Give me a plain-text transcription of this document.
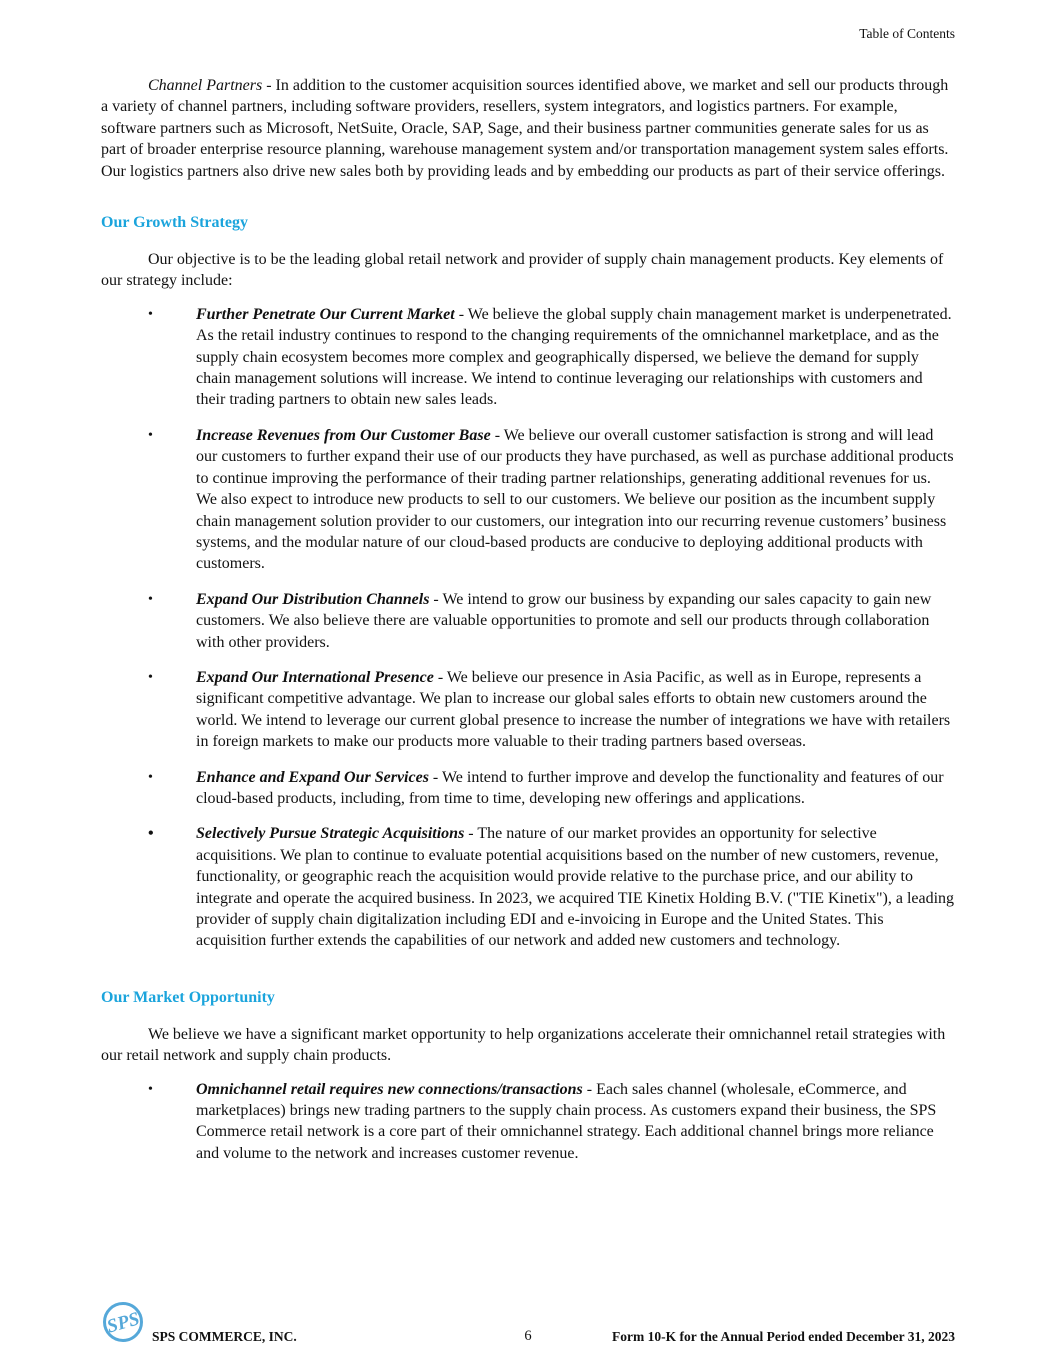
Table of Contents

Channel Partners - In addition to the customer acquisition sources identified above, we market and sell our products through a variety of channel partners, including software providers, resellers, system integrators, and logistics partners. For example, software partners such as Microsoft, NetSuite, Oracle, SAP, Sage, and their business partner communities generate sales for us as part of broader enterprise resource planning, warehouse management system and/or transportation management system sales efforts. Our logistics partners also drive new sales both by providing leads and by embedding our products as part of their service offerings.

Our Growth Strategy

Our objective is to be the leading global retail network and provider of supply chain management products. Key elements of our strategy include:

•	Further Penetrate Our Current Market - We believe the global supply chain management market is underpenetrated. As the retail industry continues to respond to the changing requirements of the omnichannel marketplace, and as the supply chain ecosystem becomes more complex and geographically dispersed, we believe the demand for supply chain management solutions will increase. We intend to continue leveraging our relationships with customers and their trading partners to obtain new sales leads.
•	Increase Revenues from Our Customer Base - We believe our overall customer satisfaction is strong and will lead our customers to further expand their use of our products they have purchased, as well as purchase additional products to continue improving the performance of their trading partner relationships, generating additional revenues for us. We also expect to introduce new products to sell to our customers. We believe our position as the incumbent supply chain management solution provider to our customers, our integration into our recurring revenue customers’ business systems, and the modular nature of our cloud-based products are conducive to deploying additional products with customers.
•	Expand Our Distribution Channels - We intend to grow our business by expanding our sales capacity to gain new customers. We also believe there are valuable opportunities to promote and sell our products through collaboration with other providers.
•	Expand Our International Presence - We believe our presence in Asia Pacific, as well as in Europe, represents a significant competitive advantage. We plan to increase our global sales efforts to obtain new customers around the world. We intend to leverage our current global presence to increase the number of integrations we have with retailers in foreign markets to make our products more valuable to their trading partners based overseas.
•	Enhance and Expand Our Services - We intend to further improve and develop the functionality and features of our cloud-based products, including, from time to time, developing new offerings and applications.
•	Selectively Pursue Strategic Acquisitions - The nature of our market provides an opportunity for selective acquisitions. We plan to continue to evaluate potential acquisitions based on the number of new customers, revenue, functionality, or geographic reach the acquisition would provide relative to the purchase price, and our ability to integrate and operate the acquired business. In 2023, we acquired TIE Kinetix Holding B.V. ("TIE Kinetix"), a leading provider of supply chain digitalization including EDI and e-invoicing in Europe and the United States. This acquisition further extends the capabilities of our network and added new customers and technology.
Our Market Opportunity

We believe we have a significant market opportunity to help organizations accelerate their omnichannel retail strategies with our retail network and supply chain products.

•	Omnichannel retail requires new connections/transactions - Each sales channel (wholesale, eCommerce, and marketplaces) brings new trading partners to the supply chain process. As customers expand their business, the SPS Commerce retail network is a core part of their omnichannel strategy. Each additional channel brings more reliance and volume to the network and increases customer revenue.
SPS SPS COMMERCE, INC.	6	Form 10-K for the Annual Period ended December 31, 2023
